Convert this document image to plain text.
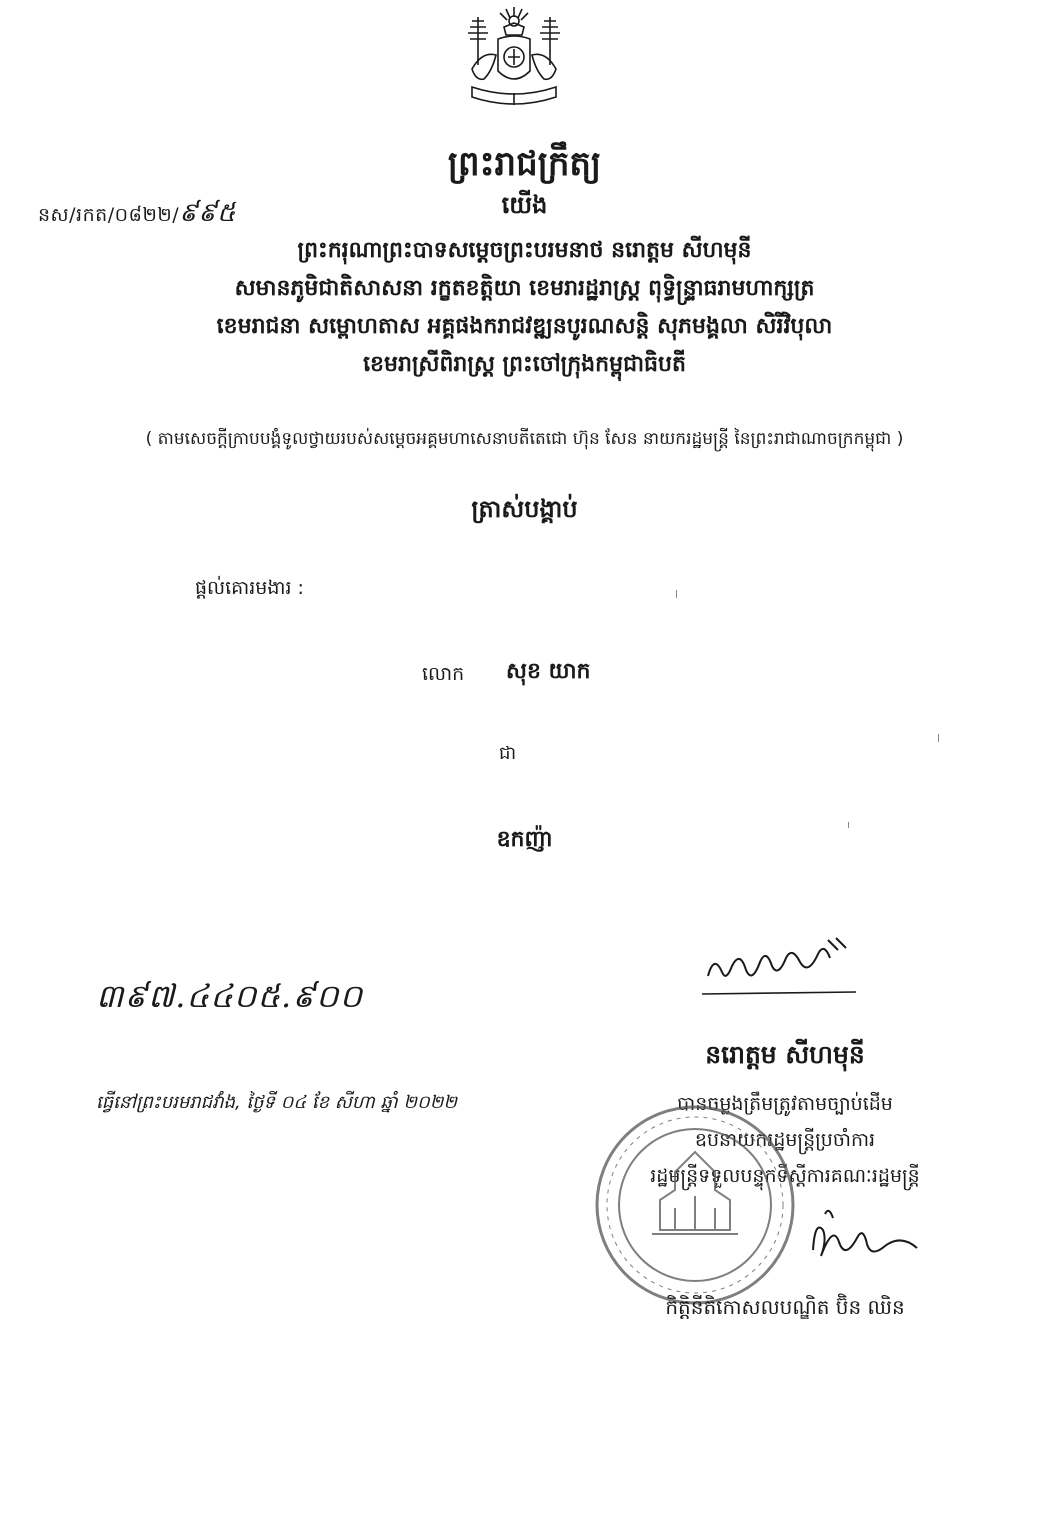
ព្រះរាជក្រឹត្យ
នស/រកត/០៨២២/៩៩៥	យើង
ព្រះករុណាព្រះបាទសម្តេចព្រះបរមនាថ នរោត្តម សីហមុនី
សមានភូមិជាតិសាសនា រក្ខតខត្តិយា ខេមរារដ្ឋរាស្ត្រ ពុទ្ធិន្ទ្រាធរាមហាក្សត្រ
ខេមរាជនា សម្ពោហតាស អគ្គផងករាជវឌ្ឍនបូរណសន្តិ សុភមង្គលា សិរីវិបុលា
ខេមរាស្រីពិរាស្ត្រ ព្រះចៅក្រុងកម្ពុជាធិបតី
( តាមសេចក្តីក្រាបបង្គំទូលថ្វាយរបស់សម្តេចអគ្គមហាសេនាបតីតេជោ ហ៊ុន សែន នាយករដ្ឋមន្ត្រី នៃព្រះរាជាណាចក្រកម្ពុជា )
ត្រាស់បង្គាប់
ផ្តល់គោរមងារ :
លោក សុខ យាក
ជា
ឧកញ៉ា
៣៩៧.៤៤០៥.៩០០
ធ្វើនៅព្រះបរមរាជវាំង, ថ្ងៃទី ០៤ ខែ សីហា ឆ្នាំ ២០២២
នរោត្តម សីហមុនី
បានចម្លងត្រឹមត្រូវតាមច្បាប់ដើម
ឧបនាយករដ្ឋមន្ត្រីប្រចាំការ
រដ្ឋមន្ត្រីទទួលបន្ទុកទីស្តីការគណៈរដ្ឋមន្ត្រី
កិត្តិនីតិកោសលបណ្ឌិត ប៊ិន ឈិន
